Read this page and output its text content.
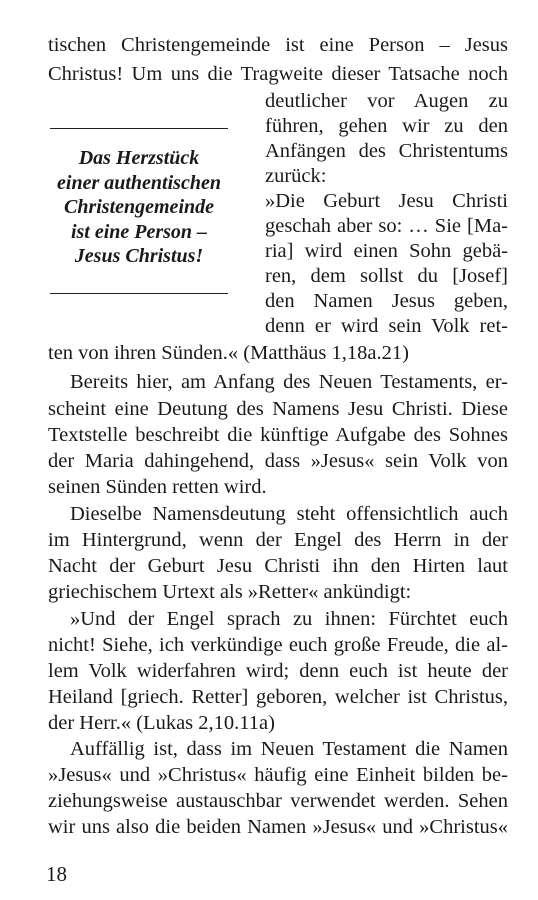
tischen Christengemeinde ist eine Person – Jesus
Christus! Um uns die Tragweite dieser Tatsache noch
deutlicher vor Augen zu
führen, gehen wir zu den
Anfängen des Christentums
zurück:
»Die Geburt Jesu Christi
geschah aber so: … Sie [Ma-
ria] wird einen Sohn gebä-
ren, dem sollst du [Josef]
den Namen Jesus geben,
denn er wird sein Volk ret-
Das Herzstück
einer authentischen
Christengemeinde
ist eine Person –
Jesus Christus!
ten von ihren Sünden.« (Matthäus 1,18a.21)
Bereits hier, am Anfang des Neuen Testaments, er-
scheint eine Deutung des Namens Jesu Christi. Diese
Textstelle beschreibt die künftige Aufgabe des Sohnes
der Maria dahingehend, dass »Jesus« sein Volk von
seinen Sünden retten wird.
Dieselbe Namensdeutung steht offensichtlich auch
im Hintergrund, wenn der Engel des Herrn in der
Nacht der Geburt Jesu Christi ihn den Hirten laut
griechischem Urtext als »Retter« ankündigt:
»Und der Engel sprach zu ihnen: Fürchtet euch
nicht! Siehe, ich verkündige euch große Freude, die al-
lem Volk widerfahren wird; denn euch ist heute der
Heiland [griech. Retter] geboren, welcher ist Christus,
der Herr.« (Lukas 2,10.11a)
Auffällig ist, dass im Neuen Testament die Namen
»Jesus« und »Christus« häufig eine Einheit bilden be-
ziehungsweise austauschbar verwendet werden. Sehen
wir uns also die beiden Namen »Jesus« und »Christus«
18
